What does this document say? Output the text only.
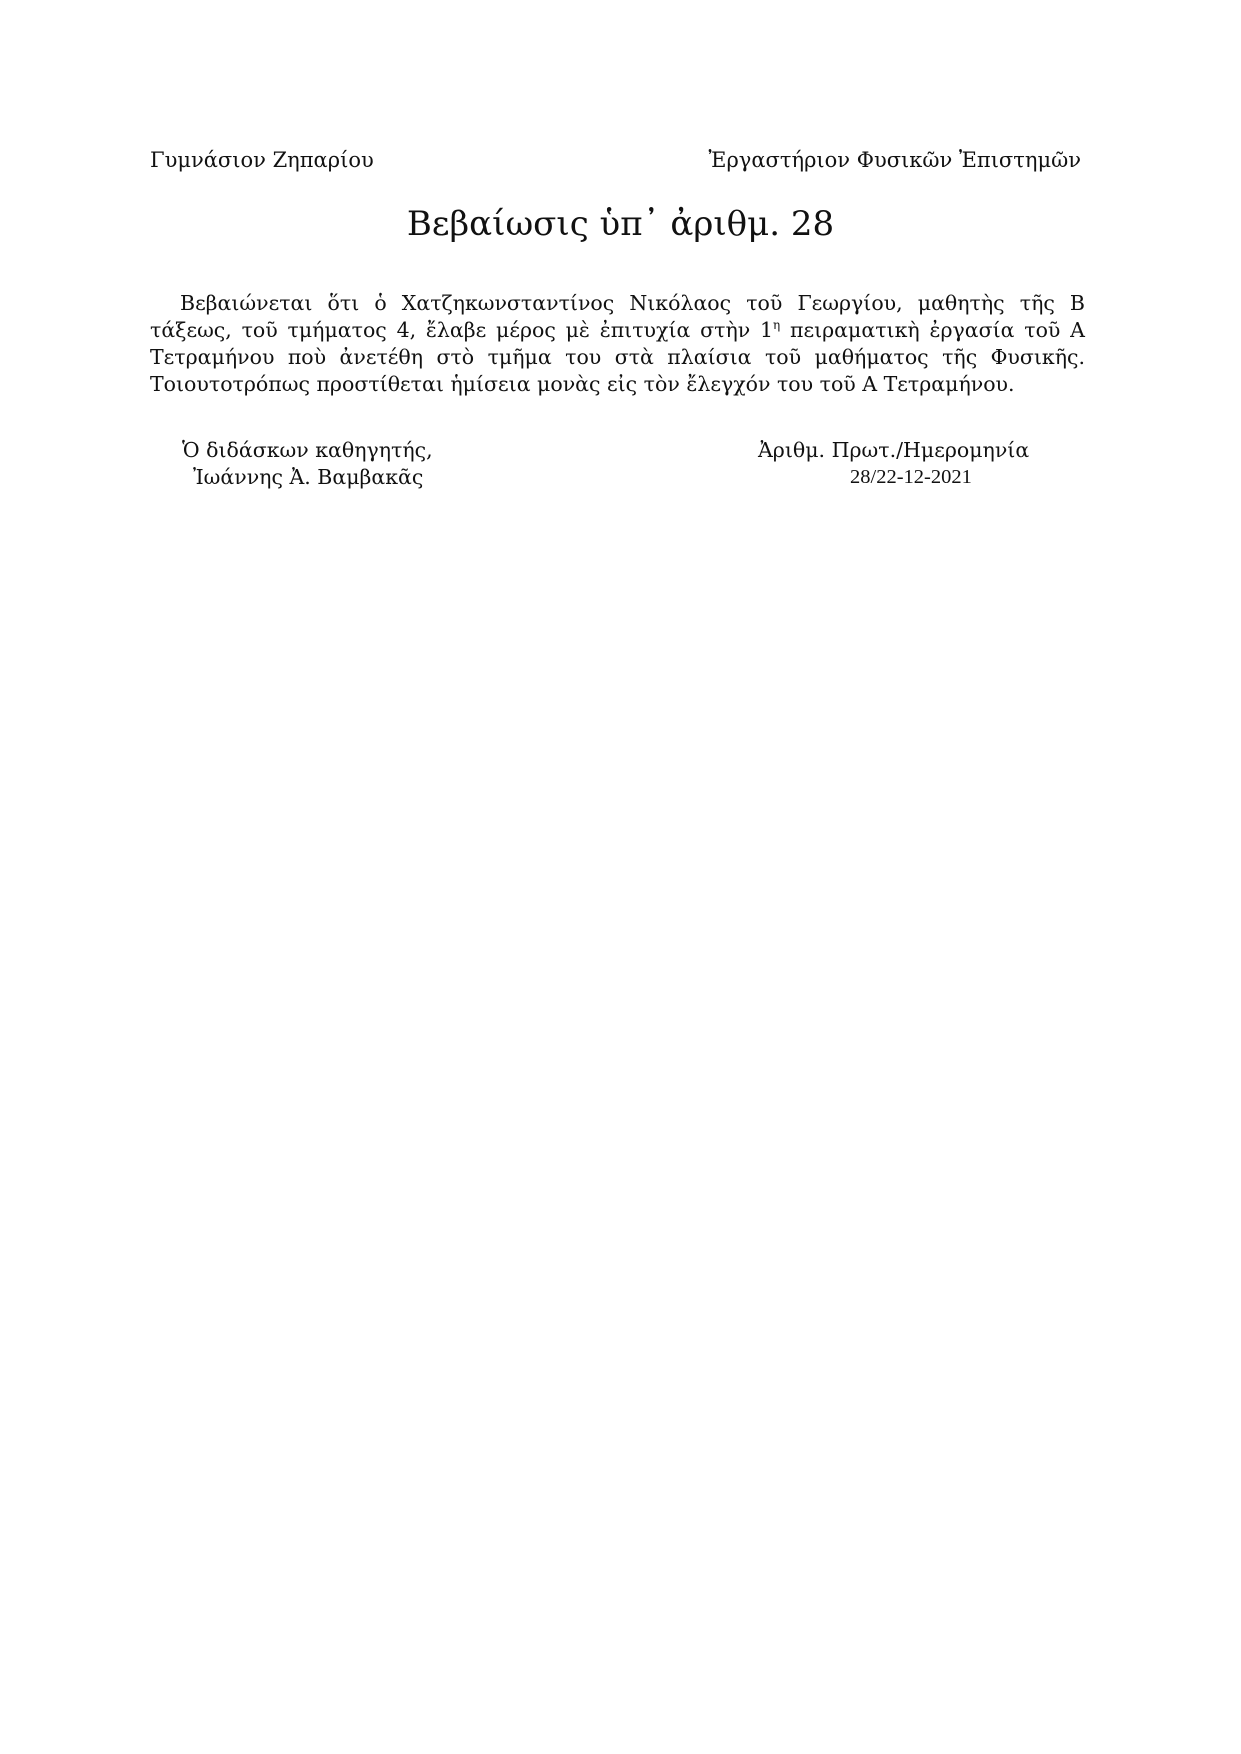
Γυμνάσιον Ζηπαρίου	Ἐργαστήριον Φυσικῶν Ἐπιστημῶν
Βεβαίωσις ὑπ᾽ ἀριθμ. 28

Βεβαιώνεται ὅτι ὁ Χατζηκωνσταντίνος Νικόλαος τοῦ Γεωργίου, μαθητὴς τῆς Β τάξεως, τοῦ τμήματος 4, ἔλαβε μέρος μὲ ἐπιτυχία στὴν $1^\eta$ πειραματικὴ ἐργασία τοῦ Α Τετραμήνου ποὺ ἀνετέθη στὸ τμῆμα του στὰ πλαίσια τοῦ μαθήματος τῆς Φυσικῆς. Τοιουτοτρόπως προστίθεται ἡμίσεια μονὰς εἰς τὸν ἔλεγχόν του τοῦ Α Τετραμήνου.

Ὁ διδάσκων καθηγητής,
Ἰωάννης Ἀ. Βαμβακᾶς
Ἀριθμ. Πρωτ./Ημερομηνία
28/22-12-2021
